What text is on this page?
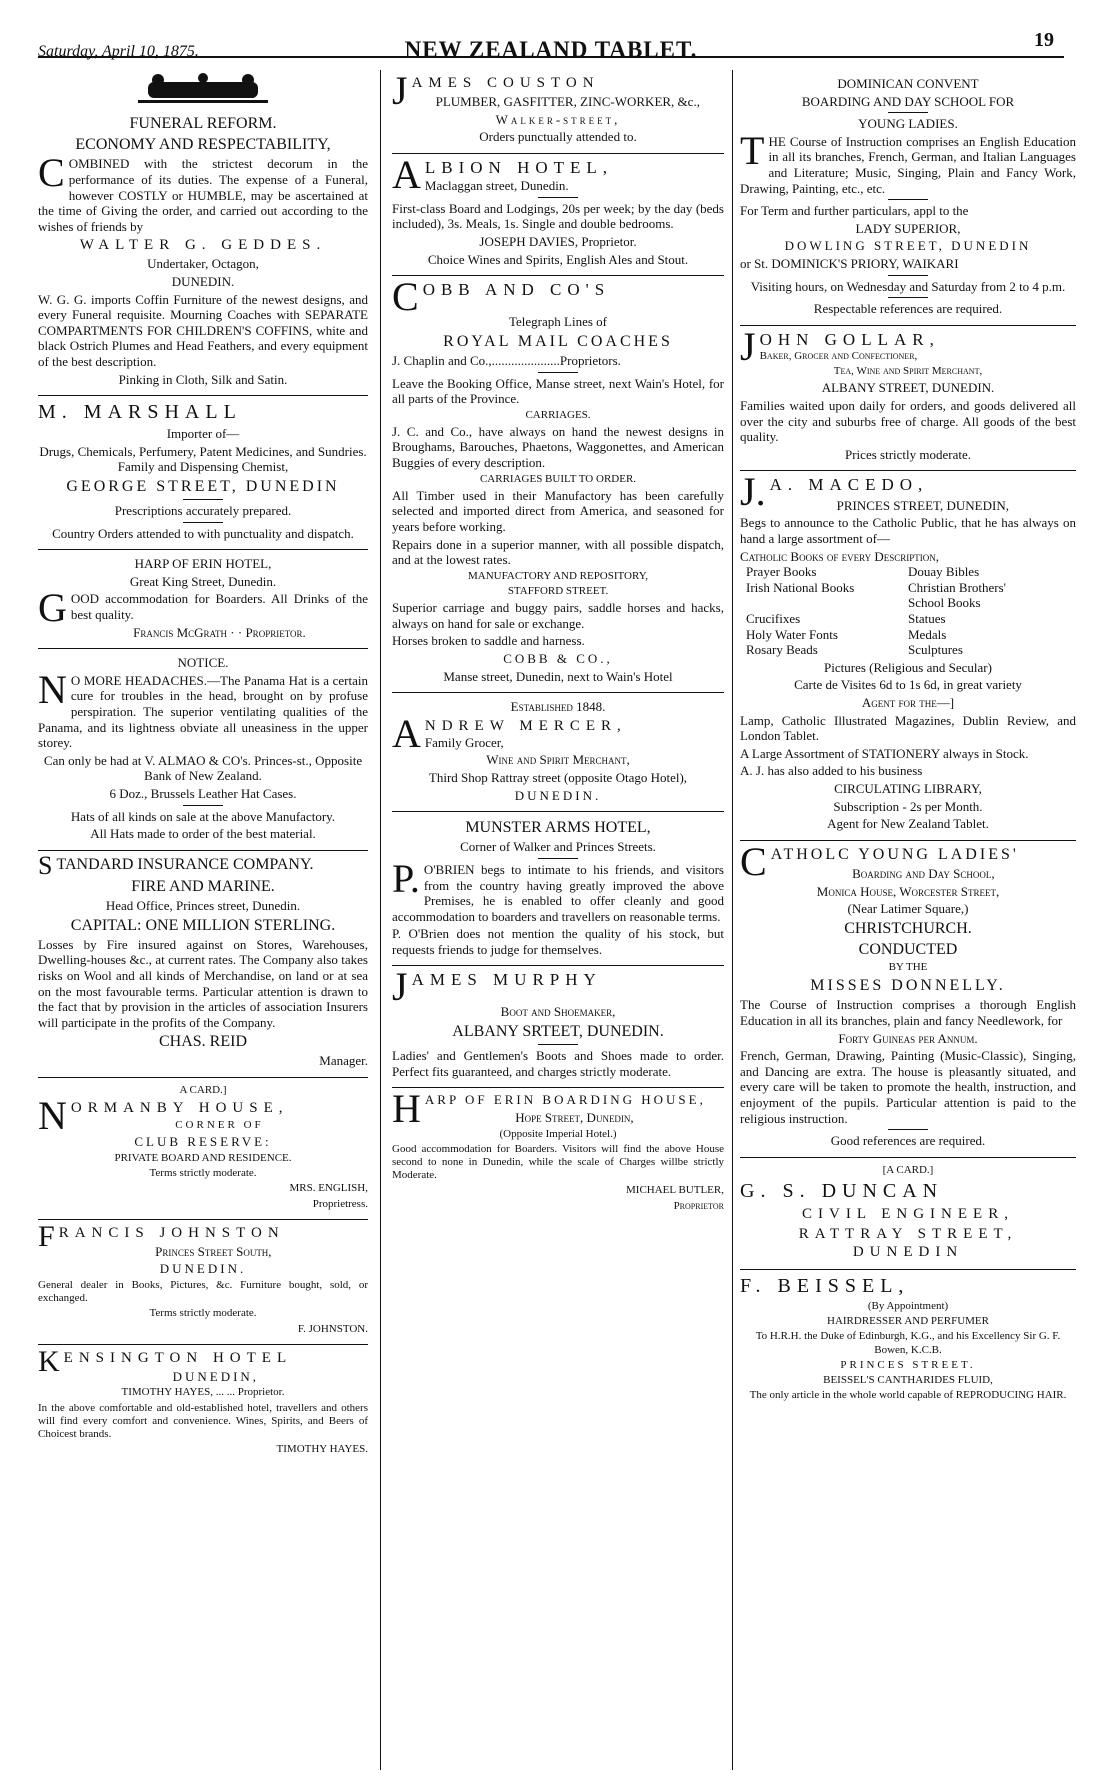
Saturday, April 10, 1875.	NEW ZEALAND TABLET.	19
FUNERAL REFORM.
ECONOMY AND RESPECTABILITY,

COMBINED with the strictest decorum in the performance of its duties. The expense of a Funeral, however COSTLY or HUMBLE, may be ascertained at the time of Giving the order, and carried out according to the wishes of friends by

WALTER G. GEDDES.
Undertaker, Octagon,
DUNEDIN.

W. G. G. imports Coffin Furniture of the newest designs, and every Funeral requisite. Mourning Coaches with SEPARATE COMPARTMENTS FOR CHILDREN'S COFFINS, white and black Ostrich Plumes and Head Feathers, and every equipment of the best description.

Pinking in Cloth, Silk and Satin.
M. MARSHALL
Importer of—
Drugs, Chemicals, Perfumery, Patent Medicines, and Sundries. Family and Dispensing Chemist,
GEORGE STREET, DUNEDIN
Prescriptions accurately prepared.
Country Orders attended to with punctuality and dispatch.
HARP OF ERIN HOTEL,
Great King Street, Dunedin.

GOOD accommodation for Boarders. All Drinks of the best quality.

Francis McGrath · · Proprietor.
NOTICE.

N O MORE HEADACHES.—The Panama Hat is a certain cure for troubles in the head, brought on by profuse perspiration. The superior ventilating qualities of the Panama, and its lightness obviate all uneasiness in the upper storey.

Can only be had at V. ALMAO & CO's. Princes-st., Opposite Bank of New Zealand.
6 Doz., Brussels Leather Hat Cases.
Hats of all kinds on sale at the above Manufactory.
All Hats made to order of the best material.
STANDARD INSURANCE COMPANY.
FIRE AND MARINE.
Head Office, Princes street, Dunedin.
CAPITAL: ONE MILLION STERLING.

Losses by Fire insured against on Stores, Warehouses, Dwelling-houses &c., at current rates. The Company also takes risks on Wool and all kinds of Merchandise, on land or at sea on the most favourable terms. Particular attention is drawn to the fact that by provision in the articles of association Insurers will participate in the profits of the Company.

CHAS. REID
Manager.
A CARD.]
NORMANBY HOUSE,
CORNER OF
CLUB RESERVE:
PRIVATE BOARD AND RESIDENCE.
Terms strictly moderate.
MRS. ENGLISH,
Proprietress.
FRANCIS JOHNSTON
Princes Street South,
DUNEDIN.

General dealer in Books, Pictures, &c. Furniture bought, sold, or exchanged.

Terms strictly moderate.
F. JOHNSTON.
KENSINGTON HOTEL
DUNEDIN,
TIMOTHY HAYES, ... ... Proprietor.

In the above comfortable and old-established hotel, travellers and others will find every comfort and convenience. Wines, Spirits, and Beers of Choicest brands.

TIMOTHY HAYES.
JAMES COUSTON
PLUMBER, GASFITTER, ZINC-WORKER, &c.,
Walker-street,
Orders punctually attended to.
ALBION HOTEL,
Maclaggan street, Dunedin.

First-class Board and Lodgings, 20s per week; by the day (beds included), 3s. Meals, 1s. Single and double bedrooms.

JOSEPH DAVIES, Proprietor.
Choice Wines and Spirits, English Ales and Stout.
COBB AND CO'S
Telegraph Lines of
ROYAL MAIL COACHES
J. Chaplin and Co.,.....................Proprietors.

Leave the Booking Office, Manse street, next Wain's Hotel, for all parts of the Province.

CARRIAGES.

J. C. and Co., have always on hand the newest designs in Broughams, Barouches, Phaetons, Waggonettes, and American Buggies of every description.

CARRIAGES BUILT TO ORDER.

All Timber used in their Manufactory has been carefully selected and imported direct from America, and seasoned for years before working.

Repairs done in a superior manner, with all possible dispatch, and at the lowest rates.

MANUFACTORY AND REPOSITORY,
STAFFORD STREET.

Superior carriage and buggy pairs, saddle horses and hacks, always on hand for sale or exchange.

Horses broken to saddle and harness.

COBB & CO.,
Manse street, Dunedin, next to Wain's Hotel
Established 1848.
ANDREW MERCER,
Family Grocer,
Wine and Spirit Merchant,
Third Shop Rattray street (opposite Otago Hotel),
DUNEDIN.
MUNSTER ARMS HOTEL,
Corner of Walker and Princes Streets.

P. O'BRIEN begs to intimate to his friends, and visitors from the country having greatly improved the above Premises, he is enabled to offer cleanly and good accommodation to boarders and travellers on reasonable terms.

P. O'Brien does not mention the quality of his stock, but requests friends to judge for themselves.

JAMES MURPHY
Boot and Shoemaker,
ALBANY SRTEET, DUNEDIN.

Ladies' and Gentlemen's Boots and Shoes made to order. Perfect fits guaranteed, and charges strictly moderate.

HARP OF ERIN BOARDING HOUSE,
Hope Street, Dunedin,
(Opposite Imperial Hotel.)

Good accommodation for Boarders. Visitors will find the above House second to none in Dunedin, while the scale of Charges willbe strictly Moderate.

MICHAEL BUTLER,
Proprietor
DOMINICAN CONVENT
BOARDING AND DAY SCHOOL FOR
YOUNG LADIES.

THE Course of Instruction comprises an English Education in all its branches, French, German, and Italian Languages and Literature; Music, Singing, Plain and Fancy Work, Drawing, Painting, etc., etc.

For Term and further particulars, appl to the

LADY SUPERIOR,
DOWLING STREET, DUNEDIN
or St. DOMINICK'S PRIORY, WAIKARI
Visiting hours, on Wednesday and Saturday from 2 to 4 p.m.
Respectable references are required.
JOHN GOLLAR,
Baker, Grocer and Confectioner,
Tea, Wine and Spirit Merchant,
ALBANY STREET, DUNEDIN.

Families waited upon daily for orders, and goods delivered all over the city and suburbs free of charge. All goods of the best quality.

Prices strictly moderate.
J. A. MACEDO,
PRINCES STREET, DUNEDIN,

Begs to announce to the Catholic Public, that he has always on hand a large assortment of—

Catholic Books of every Description,
Prayer Books	Douay Bibles
Irish National Books	Christian Brothers'
School Books
Crucifixes	Statues
Holy Water Fonts	Medals
Rosary Beads	Sculptures
Pictures (Religious and Secular)
Carte de Visites 6d to 1s 6d, in great variety
Agent for the—]

Lamp, Catholic Illustrated Magazines, Dublin Review, and London Tablet.

A Large Assortment of STATIONERY always in Stock.

A. J. has also added to his business
CIRCULATING LIBRARY,
Subscription - 2s per Month.
Agent for New Zealand Tablet.
CATHOLC YOUNG LADIES'
Boarding and Day School,
Monica House, Worcester Street,
(Near Latimer Square,)
CHRISTCHURCH.
CONDUCTED
BY THE
MISSES DONNELLY.

The Course of Instruction comprises a thorough English Education in all its branches, plain and fancy Needlework, for

Forty Guineas per Annum.

French, German, Drawing, Painting (Music-Classic), Singing, and Dancing are extra. The house is pleasantly situated, and every care will be taken to promote the health, instruction, and enjoyment of the pupils. Particular attention is paid to the religious instruction.

Good references are required.
[A CARD.]
G. S. DUNCAN
CIVIL ENGINEER,
RATTRAY STREET, DUNEDIN
F. BEISSEL,
(By Appointment)
HAIRDRESSER AND PERFUMER
To H.R.H. the Duke of Edinburgh, K.G., and his Excellency Sir G. F. Bowen, K.C.B.
PRINCES STREET.
BEISSEL'S CANTHARIDES FLUID,
The only article in the whole world capable of REPRODUCING HAIR.
